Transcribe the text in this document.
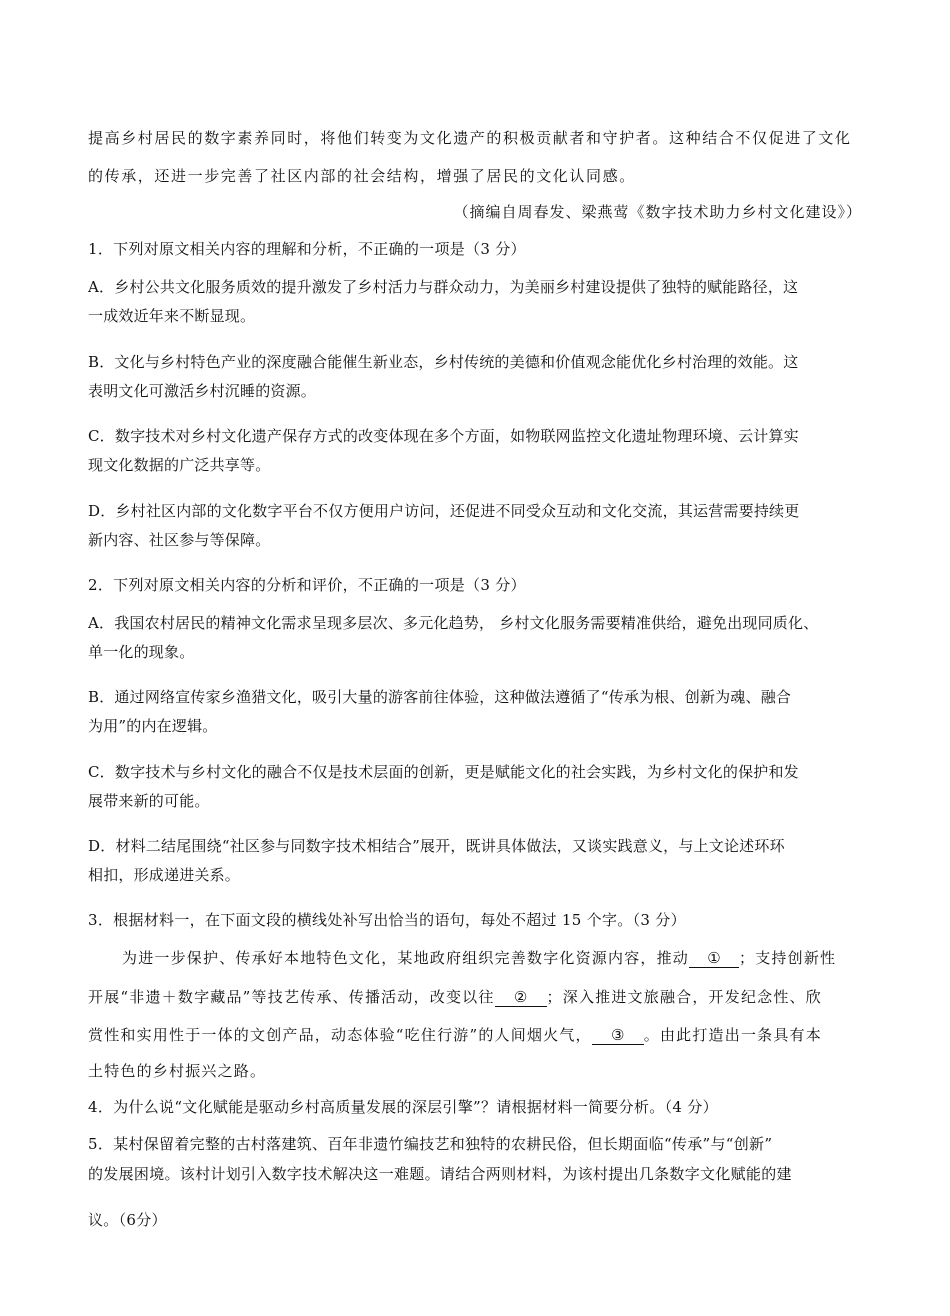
提高乡村居民的数字素养同时，将他们转变为文化遗产的积极贡献者和守护者。这种结合不仅促进了文化
的传承，还进一步完善了社区内部的社会结构，增强了居民的文化认同感。
（摘编自周春发、梁燕莺《数字技术助力乡村文化建设》）
1．下列对原文相关内容的理解和分析，不正确的一项是（3 分）
A．乡村公共文化服务质效的提升激发了乡村活力与群众动力，为美丽乡村建设提供了独特的赋能路径，这
一成效近年来不断显现。
B．文化与乡村特色产业的深度融合能催生新业态，乡村传统的美德和价值观念能优化乡村治理的效能。这
表明文化可激活乡村沉睡的资源。
C．数字技术对乡村文化遗产保存方式的改变体现在多个方面，如物联网监控文化遗址物理环境、云计算实
现文化数据的广泛共享等。
D．乡村社区内部的文化数字平台不仅方便用户访问，还促进不同受众互动和文化交流，其运营需要持续更
新内容、社区参与等保障。
2．下列对原文相关内容的分析和评价，不正确的一项是（3 分）
A．我国农村居民的精神文化需求呈现多层次、多元化趋势， 乡村文化服务需要精准供给，避免出现同质化、
单一化的现象。
B．通过网络宣传家乡渔猎文化，吸引大量的游客前往体验，这种做法遵循了“传承为根、创新为魂、融合
为用”的内在逻辑。
C．数字技术与乡村文化的融合不仅是技术层面的创新，更是赋能文化的社会实践，为乡村文化的保护和发
展带来新的可能。
D．材料二结尾围绕“社区参与同数字技术相结合”展开，既讲具体做法，又谈实践意义，与上文论述环环
相扣，形成递进关系。
3．根据材料一，在下面文段的横线处补写出恰当的语句，每处不超过 15 个字。（3 分）
为进一步保护、传承好本地特色文化，某地政府组织完善数字化资源内容，推动 ① ；支持创新性
开展“非遗＋数字藏品”等技艺传承、传播活动，改变以往 ② ；深入推进文旅融合，开发纪念性、欣
赏性和实用性于一体的文创产品，动态体验“吃住行游”的人间烟火气， ③ 。由此打造出一条具有本
土特色的乡村振兴之路。
4．为什么说“文化赋能是驱动乡村高质量发展的深层引擎”？请根据材料一简要分析。（4 分）
5．某村保留着完整的古村落建筑、百年非遗竹编技艺和独特的农耕民俗，但长期面临“传承”与“创新”
的发展困境。该村计划引入数字技术解决这一难题。请结合两则材料，为该村提出几条数字文化赋能的建
议。（6分）
